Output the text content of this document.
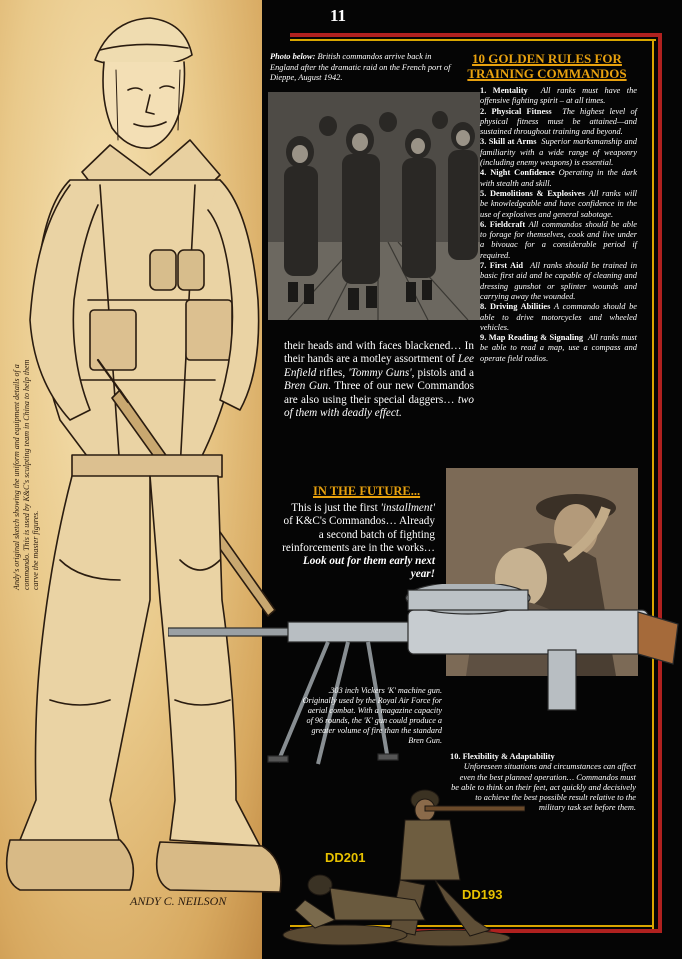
11
Photo below: British commandos arrive back in England after the dramatic raid on the French port of Dieppe, August 1942.
10 GOLDEN RULES FOR
TRAINING COMMANDOS
1. Mentality All ranks must have the offensive fighting spirit – at all times.
2. Physical Fitness The highest level of physical fitness must be attained—and sustained throughout training and beyond.
3. Skill at Arms Superior marksmanship and familiarity with a wide range of weaponry (including enemy weapons) is essential.
4. Night Confidence Operating in the dark with stealth and skill.
5. Demolitions & Explosives All ranks will be knowledgeable and have confidence in the use of explosives and general sabotage.
6. Fieldcraft All commandos should be able to forage for themselves, cook and live under a bivouac for a considerable period if required.
7. First Aid All ranks should be trained in basic first aid and be capable of cleaning and dressing gunshot or splinter wounds and carrying away the wounded.
8. Driving Abilities A commando should be able to drive motorcycles and wheeled vehicles.
9. Map Reading & Signaling All ranks must be able to read a map, use a compass and operate field radios.
ANDY C. NEILSON
Andy's original sketch showing the uniform and equipment details of a commando. This is used by K&C's sculpting team in China to help them carve the master figures.
their heads and with faces blackened… In their hands are a motley assortment of Lee Enfield rifles, 'Tommy Guns', pistols and a Bren Gun. Three of our new Commandos are also using their special daggers… two of them with deadly effect.
IN THE FUTURE...
This is just the first 'installment' of K&C's Commandos… Already a second batch of fighting reinforcements are in the works… Look out for them early next year!
.303 inch Vickers 'K' machine gun. Originally used by the Royal Air Force for aerial combat. With a magazine capacity of 96 rounds, the 'K' gun could produce a greater volume of fire than the standard Bren Gun.
10. Flexibility & Adaptability
Unforeseen situations and circumstances can affect even the best planned operation… Commandos must be able to think on their feet, act quickly and decisively to achieve the best possible result relative to the military task set before them.
DD201
DD193
